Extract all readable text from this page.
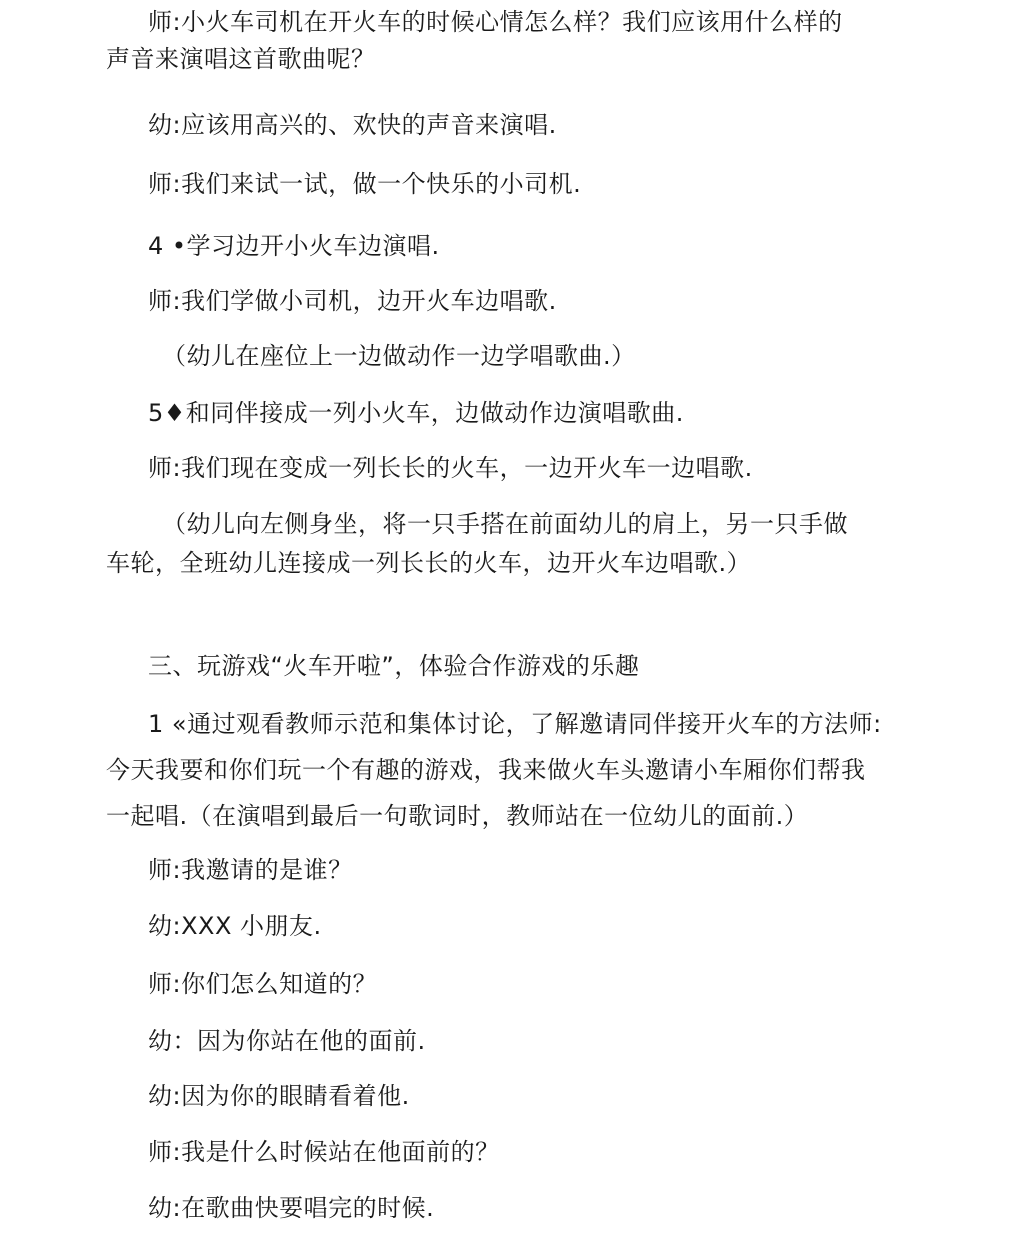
师:小火车司机在开火车的时候心情怎么样？我们应该用什么样的
声音来演唱这首歌曲呢？
幼:应该用高兴的、欢快的声音来演唱.
师:我们来试一试，做一个快乐的小司机.
4 •学习边开小火车边演唱.
师:我们学做小司机，边开火车边唱歌.
（幼儿在座位上一边做动作一边学唱歌曲.）
5♦和同伴接成一列小火车，边做动作边演唱歌曲.
师:我们现在变成一列长长的火车，一边开火车一边唱歌.
（幼儿向左侧身坐，将一只手搭在前面幼儿的肩上，另一只手做
车轮，全班幼儿连接成一列长长的火车，边开火车边唱歌.）
三、玩游戏“火车开啦”，体验合作游戏的乐趣
1 «通过观看教师示范和集体讨论，了解邀请同伴接开火车的方法师:
今天我要和你们玩一个有趣的游戏，我来做火车头邀请小车厢你们帮我
一起唱.（在演唱到最后一句歌词时，教师站在一位幼儿的面前.）
师:我邀请的是谁？
幼:XXX 小朋友.
师:你们怎么知道的？
幼：因为你站在他的面前.
幼:因为你的眼睛看着他.
师:我是什么时候站在他面前的？
幼:在歌曲快要唱完的时候.
